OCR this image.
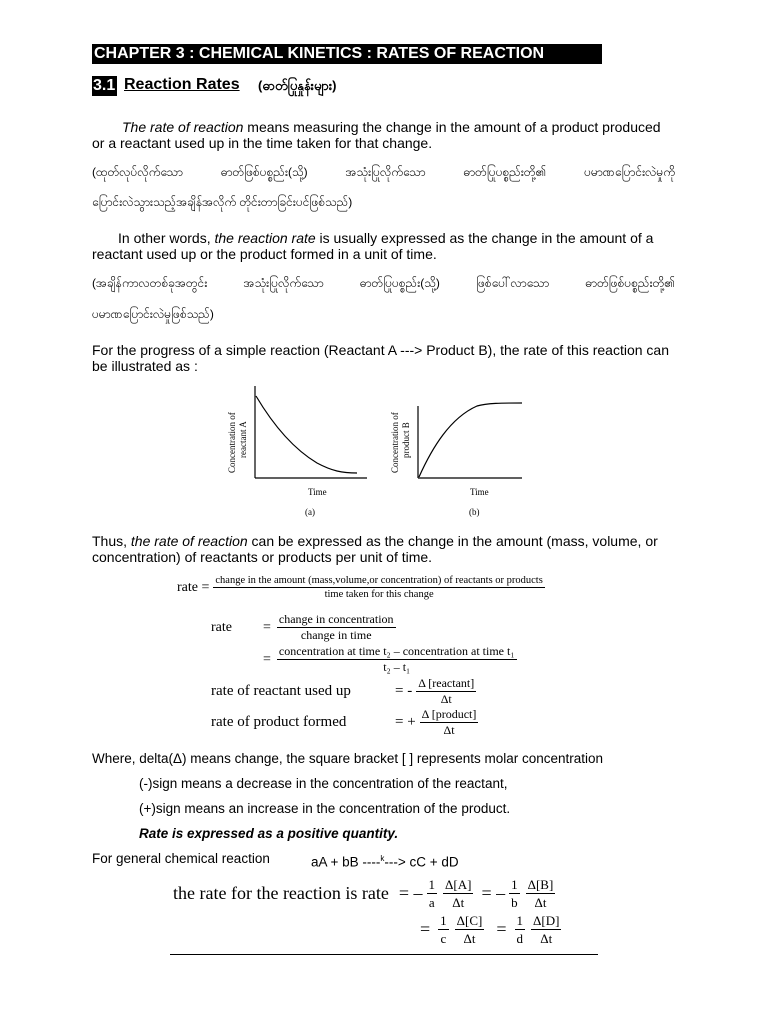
CHAPTER 3 : CHEMICAL KINETICS : RATES OF REACTION
3.1 Reaction Rates (ဓာတ်ပြုနှုန်းများ)
The rate of reaction means measuring the change in the amount of a product produced or a reactant used up in the time taken for that change.
(ထုတ်လုပ်လိုက်သော ဓာတ်ဖြစ်ပစ္စည်း(သို့) အသုံးပြုလိုက်သော ဓာတ်ပြုပစ္စည်းတို့၏ ပမာဏပြောင်းလဲမှုကို
ပြောင်းလဲသွားသည့်အချိန်အလိုက် တိုင်းတာခြင်းပင်ဖြစ်သည်)
In other words, the reaction rate is usually expressed as the change in the amount of a reactant used up or the product formed in a unit of time.
(အချိန်ကာလတစ်ခုအတွင်း အသုံးပြုလိုက်သော ဓာတ်ပြုပစ္စည်း(သို့) ဖြစ်ပေါ်လာသော ဓာတ်ဖြစ်ပစ္စည်းတို့၏
ပမာဏပြောင်းလဲမှုဖြစ်သည်)
For the progress of a simple reaction (Reactant A ---> Product B), the rate of this reaction can be illustrated as :
Concentration of reactant A
Time
(a)
Concentration of product B
Time
(b)
Thus, the rate of reaction can be expressed as the change in the amount (mass, volume, or concentration) of reactants or products per unit of time.
rate = change in the amount (mass,volume,or concentration) of reactants or products
time taken for this change
rate	= $\frac{\text{change in concentration}}{\text{change in time}}$
= $\frac{\text{concentration at time t₂ – concentration at time t₁}}{\text{t₂ – t₁}}$
rate of reactant used up	= - $\frac{\text{Δ [reactant]}}{\Delta t}$
rate of product formed	= + $\frac{\text{Δ [product]}}{\Delta t}$
Where, delta(Δ) means change, the square bracket [ ] represents molar concentration
(-)sign means a decrease in the concentration of the reactant,
(+)sign means an increase in the concentration of the product.
Rate is expressed as a positive quantity.
For general chemical reaction	aA + bB ----$^k$---> cC + dD
the rate for the reaction is rate = – $\frac{1}{a} \frac{\Delta[A]}{\Delta t}$ = – $\frac{1}{b} \frac{\Delta[B]}{\Delta t}$
= $\frac{1}{c} \frac{\Delta[C]}{\Delta t} = \frac{1}{d} \frac{\Delta[D]}{\Delta t}$
